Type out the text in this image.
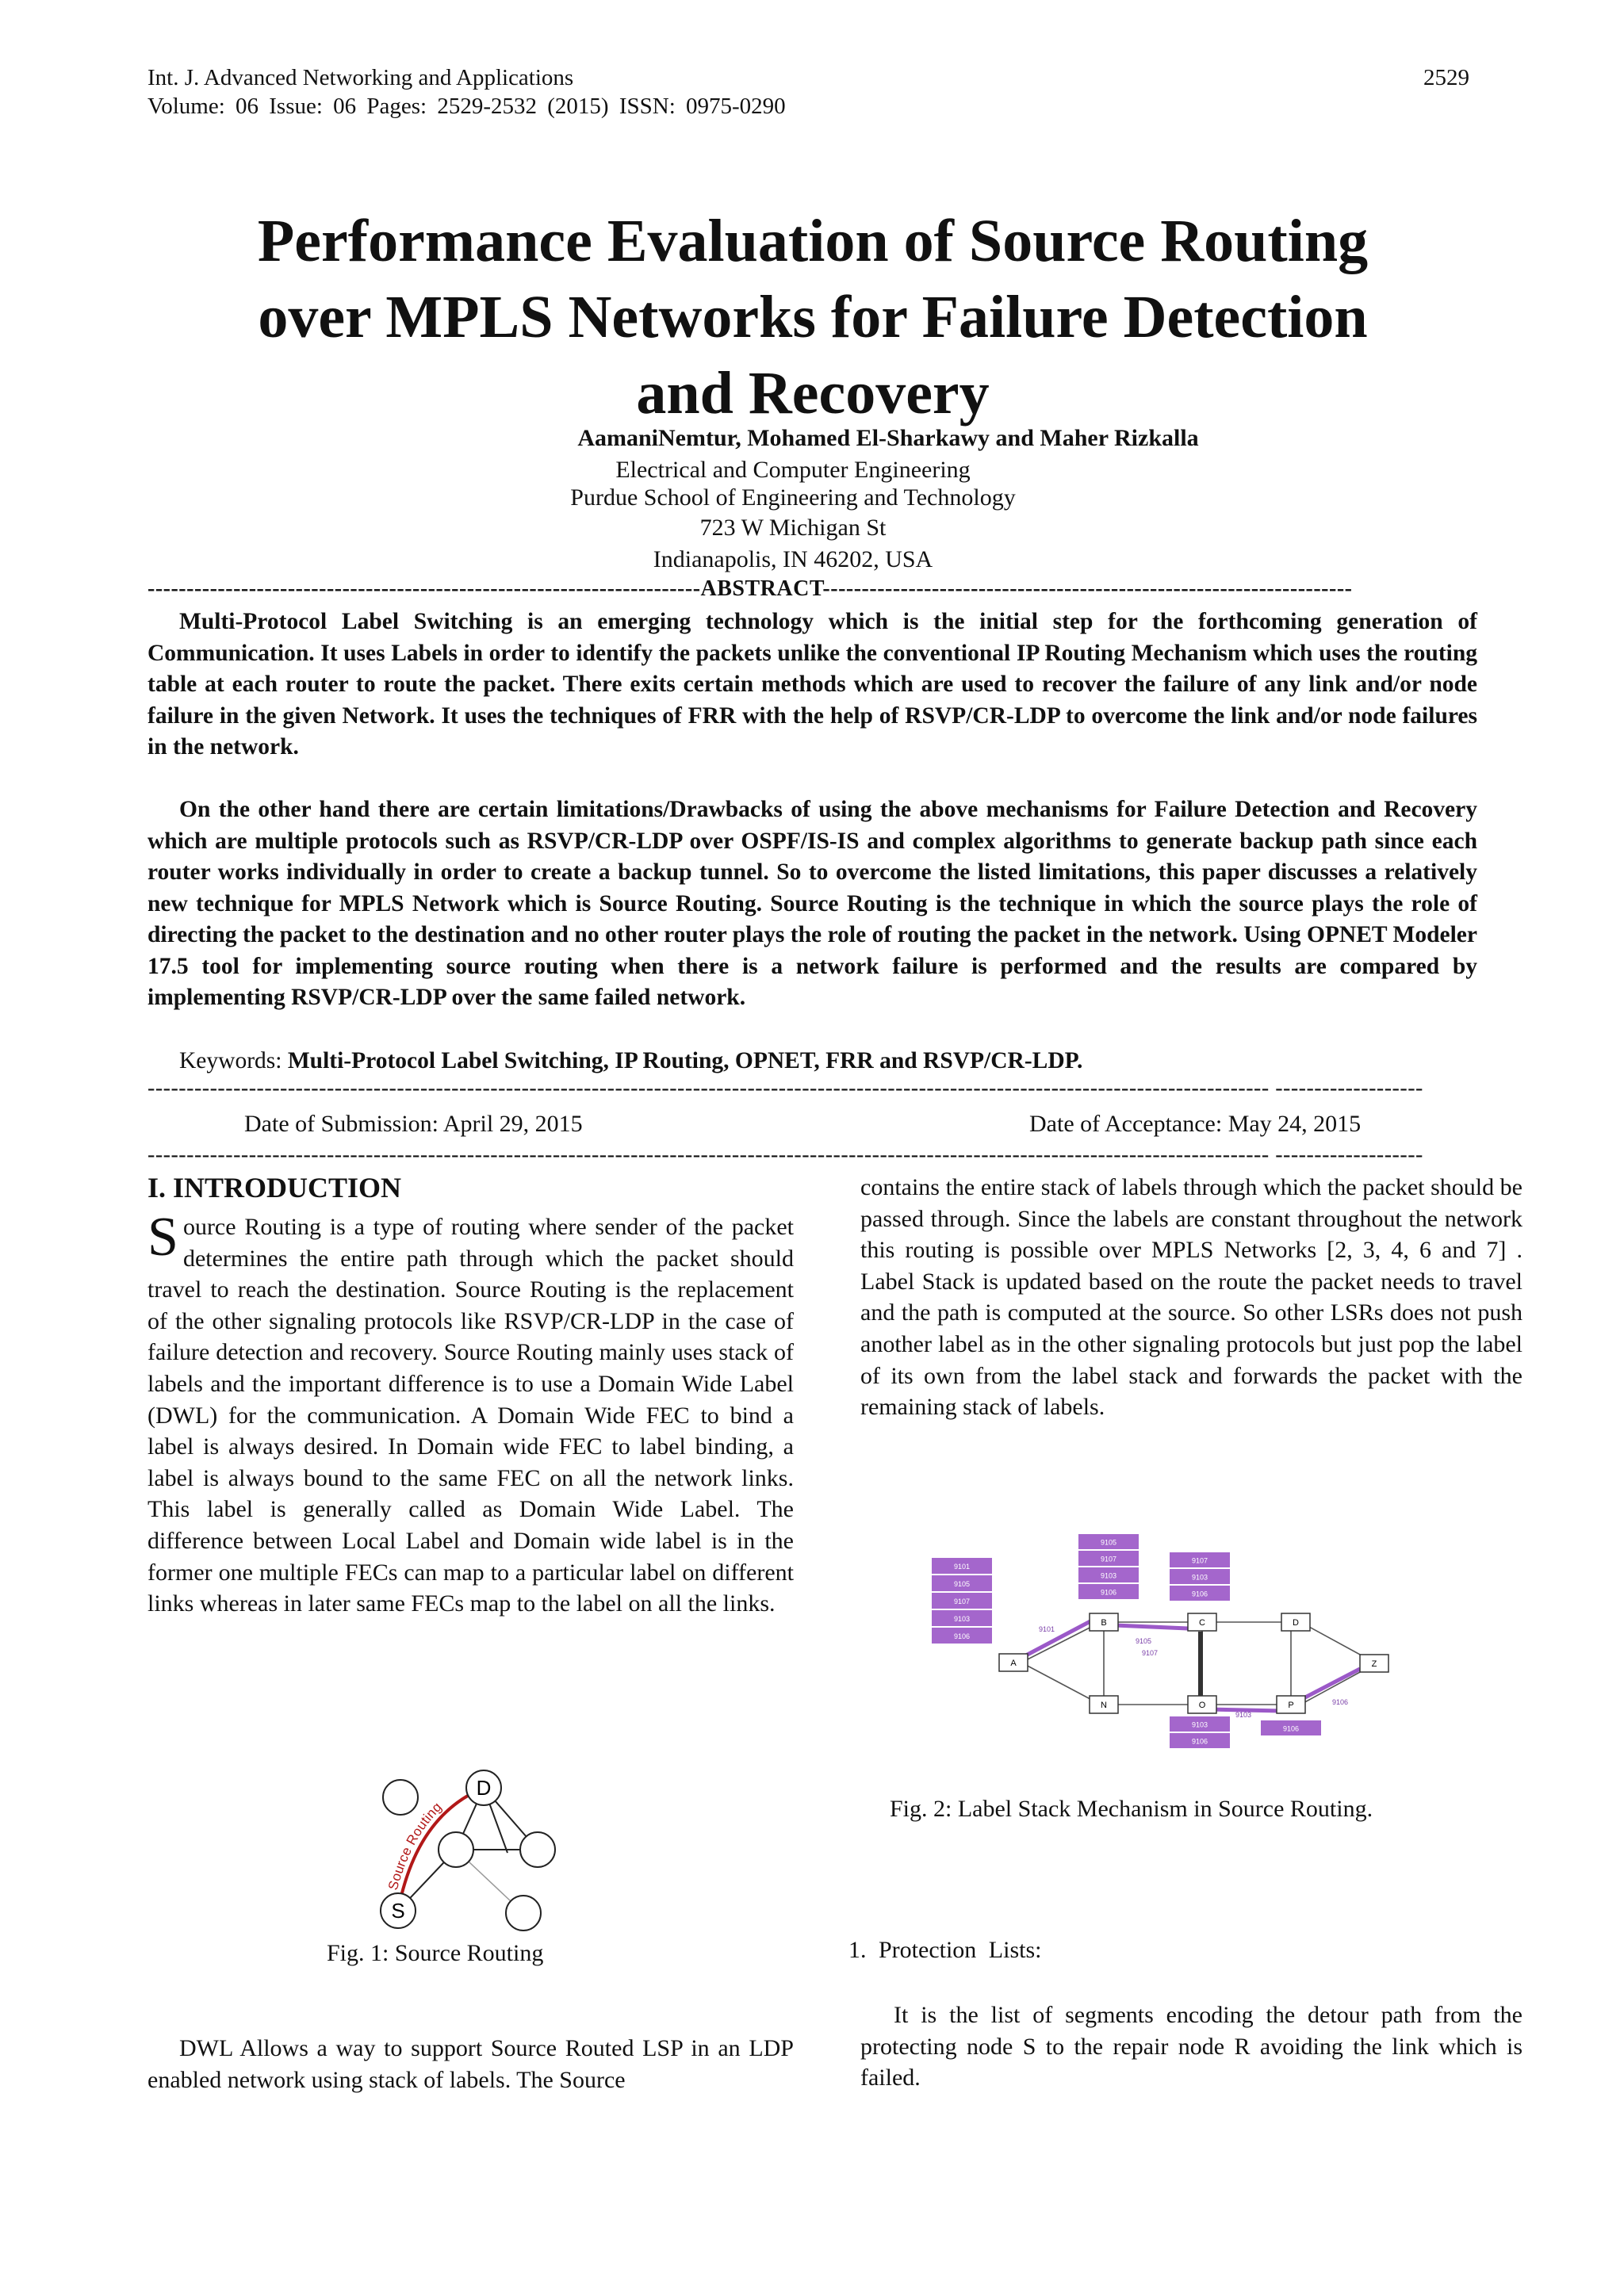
Int. J. Advanced Networking and Applications
Volume: 06 Issue: 06 Pages: 2529-2532 (2015) ISSN: 0975-0290
2529
Performance Evaluation of Source Routing
over MPLS Networks for Failure Detection
and Recovery
AamaniNemtur, Mohamed El-Sharkawy and Maher Rizkalla
Electrical and Computer Engineering
Purdue School of Engineering and Technology
723 W Michigan St
Indianapolis, IN 46202, USA
-----------------------------------------------------------------------ABSTRACT--------------------------------------------------------------------

Multi-Protocol Label Switching is an emerging technology which is the initial step for the forthcoming generation of Communication. It uses Labels in order to identify the packets unlike the conventional IP Routing Mechanism which uses the routing table at each router to route the packet. There exits certain methods which are used to recover the failure of any link and/or node failure in the given Network. It uses the techniques of FRR with the help of RSVP/CR-LDP to overcome the link and/or node failures in the network.

On the other hand there are certain limitations/Drawbacks of using the above mechanisms for Failure Detection and Recovery which are multiple protocols such as RSVP/CR-LDP over OSPF/IS-IS and complex algorithms to generate backup path since each router works individually in order to create a backup tunnel. So to overcome the listed limitations, this paper discusses a relatively new technique for MPLS Network which is Source Routing. Source Routing is the technique in which the source plays the role of directing the packet to the destination and no other router plays the role of routing the packet in the network. Using OPNET Modeler 17.5 tool for implementing source routing when there is a network failure is performed and the results are compared by implementing RSVP/CR-LDP over the same failed network.

Keywords: Multi-Protocol Label Switching, IP Routing, OPNET, FRR and RSVP/CR-LDP.
------------------------------------------------------------------------------------------------------------------------------------------------ -------------------
Date of Submission: April 29, 2015	Date of Acceptance: May 24, 2015
------------------------------------------------------------------------------------------------------------------------------------------------ -------------------
I. INTRODUCTION
Source Routing is a type of routing where sender of the packet determines the entire path through which the packet should travel to reach the destination. Source Routing is the replacement of the other signaling protocols like RSVP/CR-LDP in the case of failure detection and recovery. Source Routing mainly uses stack of labels and the important difference is to use a Domain Wide Label (DWL) for the communication. A Domain Wide FEC to bind a label is always desired. In Domain wide FEC to label binding, a label is always bound to the same FEC on all the network links. This label is generally called as Domain Wide Label. The difference between Local Label and Domain wide label is in the former one multiple FECs can map to a particular label on different links whereas in later same FECs map to the label on all the links.
Source Routing
D
S
Fig. 1: Source Routing
DWL Allows a way to support Source Routed LSP in an LDP enabled network using stack of labels. The Source
contains the entire stack of labels through which the packet should be passed through. Since the labels are constant throughout the network this routing is possible over MPLS Networks [2, 3, 4, 6 and 7] . Label Stack is updated based on the route the packet needs to travel and the path is computed at the source. So other LSRs does not push another label as in the other signaling protocols but just pop the label of its own from the label stack and forwards the packet with the remaining stack of labels.
9101
9105
9107
9103
9106
9105
9107
9103
9106
9107
9103
9106
9103
9106
9106
A
B	C	D
N	O	P
Z
9101
9105
9107
9103
9106
Fig. 2: Label Stack Mechanism in Source Routing.
1. Protection Lists:
It is the list of segments encoding the detour path from the protecting node S to the repair node R avoiding the link which is failed.
